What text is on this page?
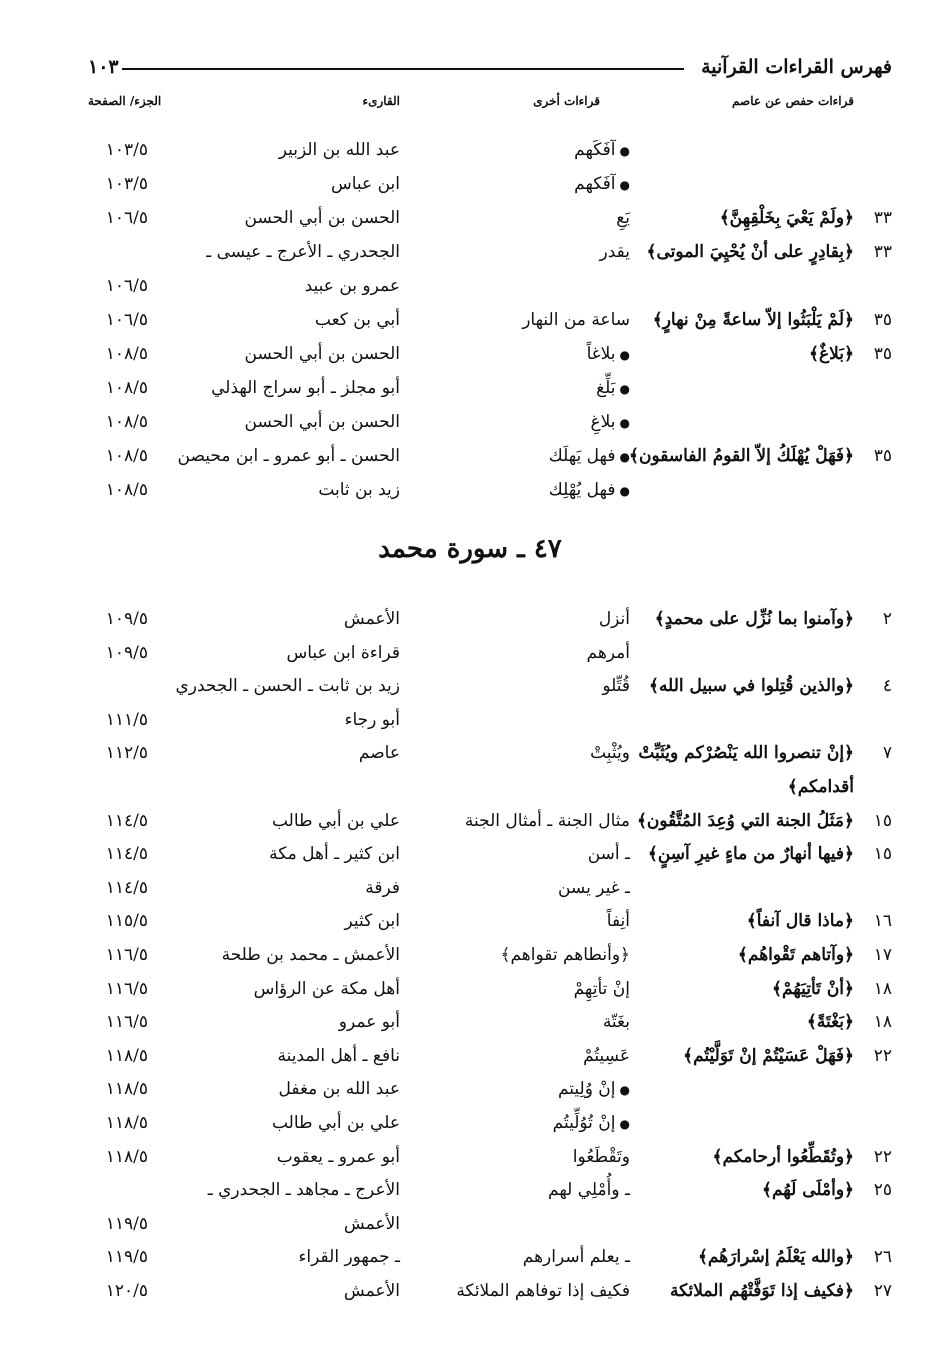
فهرس القراءات القرآنية
١٠٣
قراءات حفص عن عاصم
قراءات أخرى
القارىء
الجزء/ الصفحة
●آفَكَهم
عبد الله بن الزبير
١٠٣/٥
●آفَكهم
ابن عباس
١٠٣/٥
٣٣
﴿ولَمْ يَعْيَ بِخَلْقِهِنَّ﴾
يَعِ
الحسن بن أبي الحسن
١٠٦/٥
٣٣
﴿بِقادِرٍ على أنْ يُحْيِيَ الموتى﴾
يقدر
الجحدري ـ الأعرج ـ عيسى ـ
عمرو بن عبيد
١٠٦/٥
٣٥
﴿لَمْ يَلْبَثُوا إلاّ ساعةً مِنْ نهارٍ﴾
ساعة من النهار
أبي بن كعب
١٠٦/٥
٣٥
﴿بَلاغٌ﴾
●بلاغاً
الحسن بن أبي الحسن
١٠٨/٥
●بَلِّغ
أبو مجلز ـ أبو سراج الهذلي
١٠٨/٥
●بلاغِ
الحسن بن أبي الحسن
١٠٨/٥
٣٥
﴿فَهَلْ يُهْلَكُ إلاّ القومُ الفاسقون﴾
●فهل يَهلَك
الحسن ـ أبو عمرو ـ ابن محيصن
١٠٨/٥
●فهل يُهْلِك
زيد بن ثابت
١٠٨/٥
٤٧ ـ سورة محمد
٢
﴿وآمنوا بما نُزِّل على محمدٍ﴾
أنزل
الأعمش
١٠٩/٥
أمرهم
قراءة ابن عباس
١٠٩/٥
٤
﴿والذين قُتِلوا في سبيل الله﴾
قُتِّلو
زيد بن ثابت ـ الحسن ـ الجحدري
أبو رجاء
١١١/٥
٧
﴿إنْ تنصروا الله يَنْصُرْكم ويُثَبِّتْ
ويُثْبِتْ
عاصم
١١٢/٥
أقدامكم﴾
١٥
﴿مَثَلُ الجنة التي وُعِدَ المُتَّقُون﴾
مثال الجنة ـ أمثال الجنة
علي بن أبي طالب
١١٤/٥
١٥
﴿فيها أنهارٌ من ماءٍ غيرِ آسِنٍ﴾
ـ أسن
ابن كثير ـ أهل مكة
١١٤/٥
ـ غير يسن
فرقة
١١٤/٥
١٦
﴿ماذا قال آنفاً﴾
أنِفاً
ابن كثير
١١٥/٥
١٧
﴿وآتاهم تَقْواهُم﴾
﴿وأنطاهم تقواهم﴾
الأعمش ـ محمد بن طلحة
١١٦/٥
١٨
﴿أنْ تَأتِيَهُمْ﴾
إنْ تأتِهِمْ
أهل مكة عن الرؤاس
١١٦/٥
١٨
﴿بَغْتَةً﴾
بغَتّة
أبو عمرو
١١٦/٥
٢٢
﴿فَهَلْ عَسَيْتُمْ إنْ تَوَلَّيْتُم﴾
عَسِيتُمْ
نافع ـ أهل المدينة
١١٨/٥
●إنْ وُلِيتم
عبد الله بن مغفل
١١٨/٥
●إنْ تُوُلِّيتُم
علي بن أبي طالب
١١٨/٥
٢٢
﴿وتُقَطِّعُوا أرحامكم﴾
وتَقْطَعُوا
أبو عمرو ـ يعقوب
١١٨/٥
٢٥
﴿وأمْلَى لَهُم﴾
ـ وأُمْلِي لهم
الأعرج ـ مجاهد ـ الجحدري ـ
الأعمش
١١٩/٥
٢٦
﴿والله يَعْلَمُ إسْرارَهُم﴾
ـ يعلم أسرارهم
ـ جمهور القراء
١١٩/٥
٢٧
﴿فكيف إذا تَوَفَّتْهُم الملائكة
فكيف إذا توفاهم الملائكة
الأعمش
١٢٠/٥
